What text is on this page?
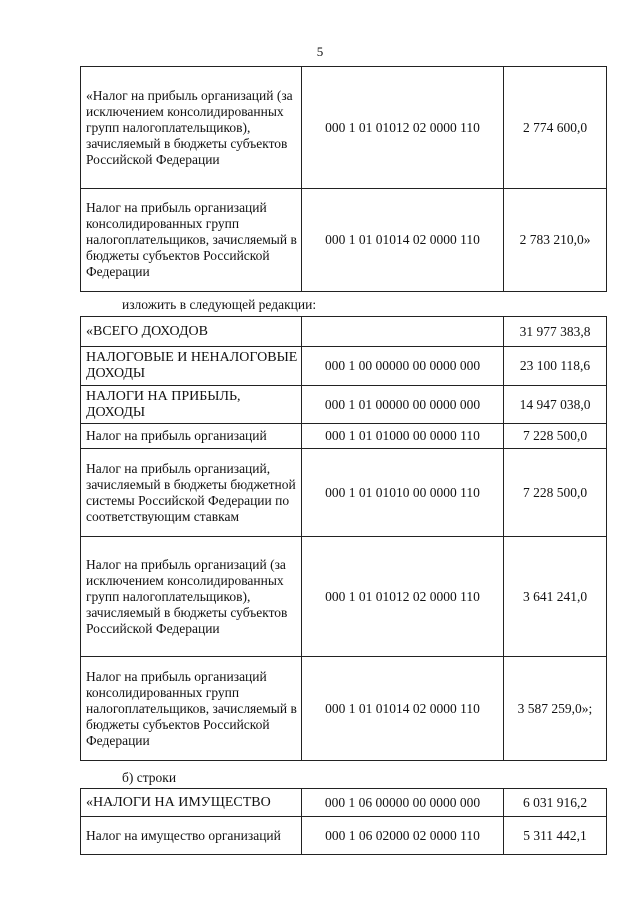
5
«Налог на прибыль организаций (за исключением консолидированных групп налогоплательщиков), зачисляемый в бюджеты субъектов Российской Федерации	000 1 01 01012 02 0000 110	2 774 600,0
Налог на прибыль организаций консолидированных групп налогоплательщиков, зачисляемый в бюджеты субъектов Российской Федерации	000 1 01 01014 02 0000 110	2 783 210,0»
изложить в следующей редакции:
«ВСЕГО ДОХОДОВ		31 977 383,8
НАЛОГОВЫЕ И НЕНАЛОГОВЫЕ ДОХОДЫ	000 1 00 00000 00 0000 000	23 100 118,6
НАЛОГИ НА ПРИБЫЛЬ, ДОХОДЫ	000 1 01 00000 00 0000 000	14 947 038,0
Налог на прибыль организаций	000 1 01 01000 00 0000 110	7 228 500,0
Налог на прибыль организаций, зачисляемый в бюджеты бюджетной системы Российской Федерации по соответствующим ставкам	000 1 01 01010 00 0000 110	7 228 500,0
Налог на прибыль организаций (за исключением консолидированных групп налогоплательщиков), зачисляемый в бюджеты субъектов Российской Федерации	000 1 01 01012 02 0000 110	3 641 241,0
Налог на прибыль организаций консолидированных групп налогоплательщиков, зачисляемый в бюджеты субъектов Российской Федерации	000 1 01 01014 02 0000 110	3 587 259,0»;
б) строки
«НАЛОГИ НА ИМУЩЕСТВО	000 1 06 00000 00 0000 000	6 031 916,2
Налог на имущество организаций	000 1 06 02000 02 0000 110	5 311 442,1
